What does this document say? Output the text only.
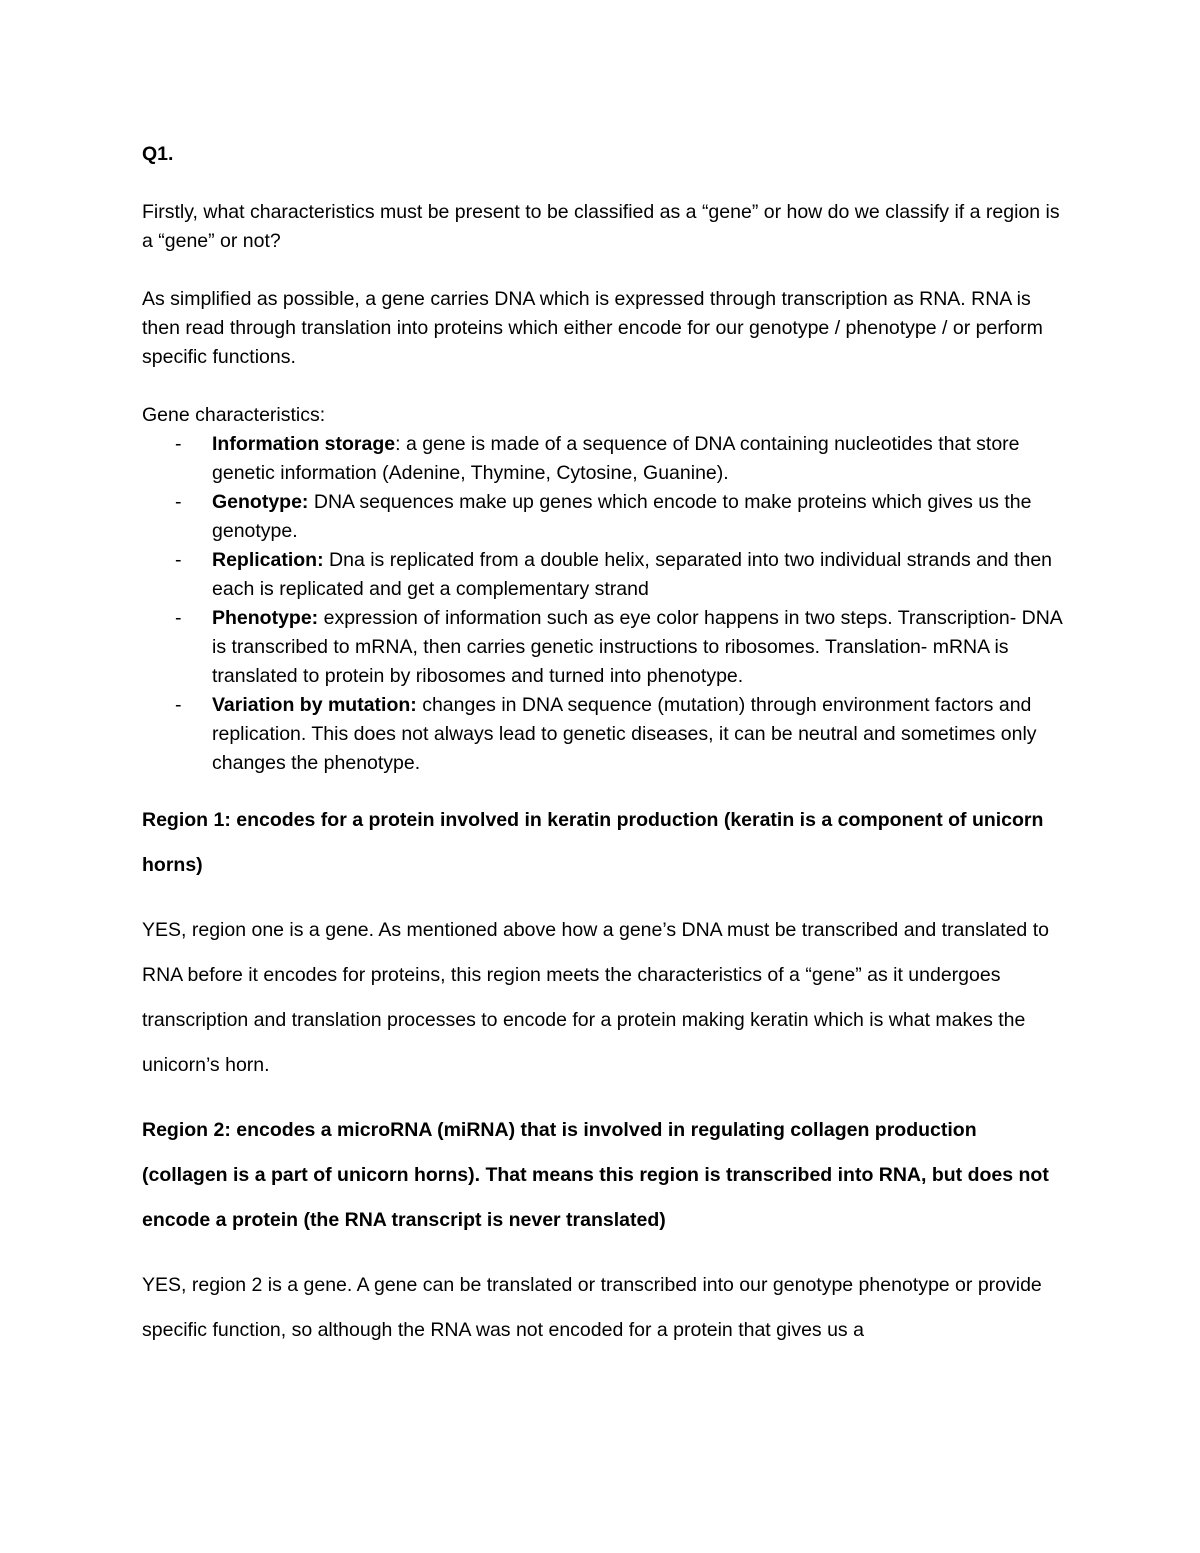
Q1.

Firstly, what characteristics must be present to be classified as a “gene” or how do we classify if a region is a “gene” or not?

As simplified as possible, a gene carries DNA which is expressed through transcription as RNA. RNA is then read through translation into proteins which either encode for our genotype / phenotype / or perform specific functions.

Gene characteristics:

- Information storage: a gene is made of a sequence of DNA containing nucleotides that store genetic information (Adenine, Thymine, Cytosine, Guanine).
- Genotype: DNA sequences make up genes which encode to make proteins which gives us the genotype.
- Replication: Dna is replicated from a double helix, separated into two individual strands and then each is replicated and get a complementary strand
- Phenotype: expression of information such as eye color happens in two steps. Transcription- DNA is transcribed to mRNA, then carries genetic instructions to ribosomes. Translation- mRNA is translated to protein by ribosomes and turned into phenotype.
- Variation by mutation: changes in DNA sequence (mutation) through environment factors and replication. This does not always lead to genetic diseases, it can be neutral and sometimes only changes the phenotype.

Region 1: encodes for a protein involved in keratin production (keratin is a component of unicorn horns)

YES, region one is a gene. As mentioned above how a gene’s DNA must be transcribed and translated to RNA before it encodes for proteins, this region meets the characteristics of a “gene” as it undergoes transcription and translation processes to encode for a protein making keratin which is what makes the unicorn’s horn.

Region 2: encodes a microRNA (miRNA) that is involved in regulating collagen production (collagen is a part of unicorn horns). That means this region is transcribed into RNA, but does not encode a protein (the RNA transcript is never translated)

YES, region 2 is a gene. A gene can be translated or transcribed into our genotype phenotype or provide specific function, so although the RNA was not encoded for a protein that gives us a
